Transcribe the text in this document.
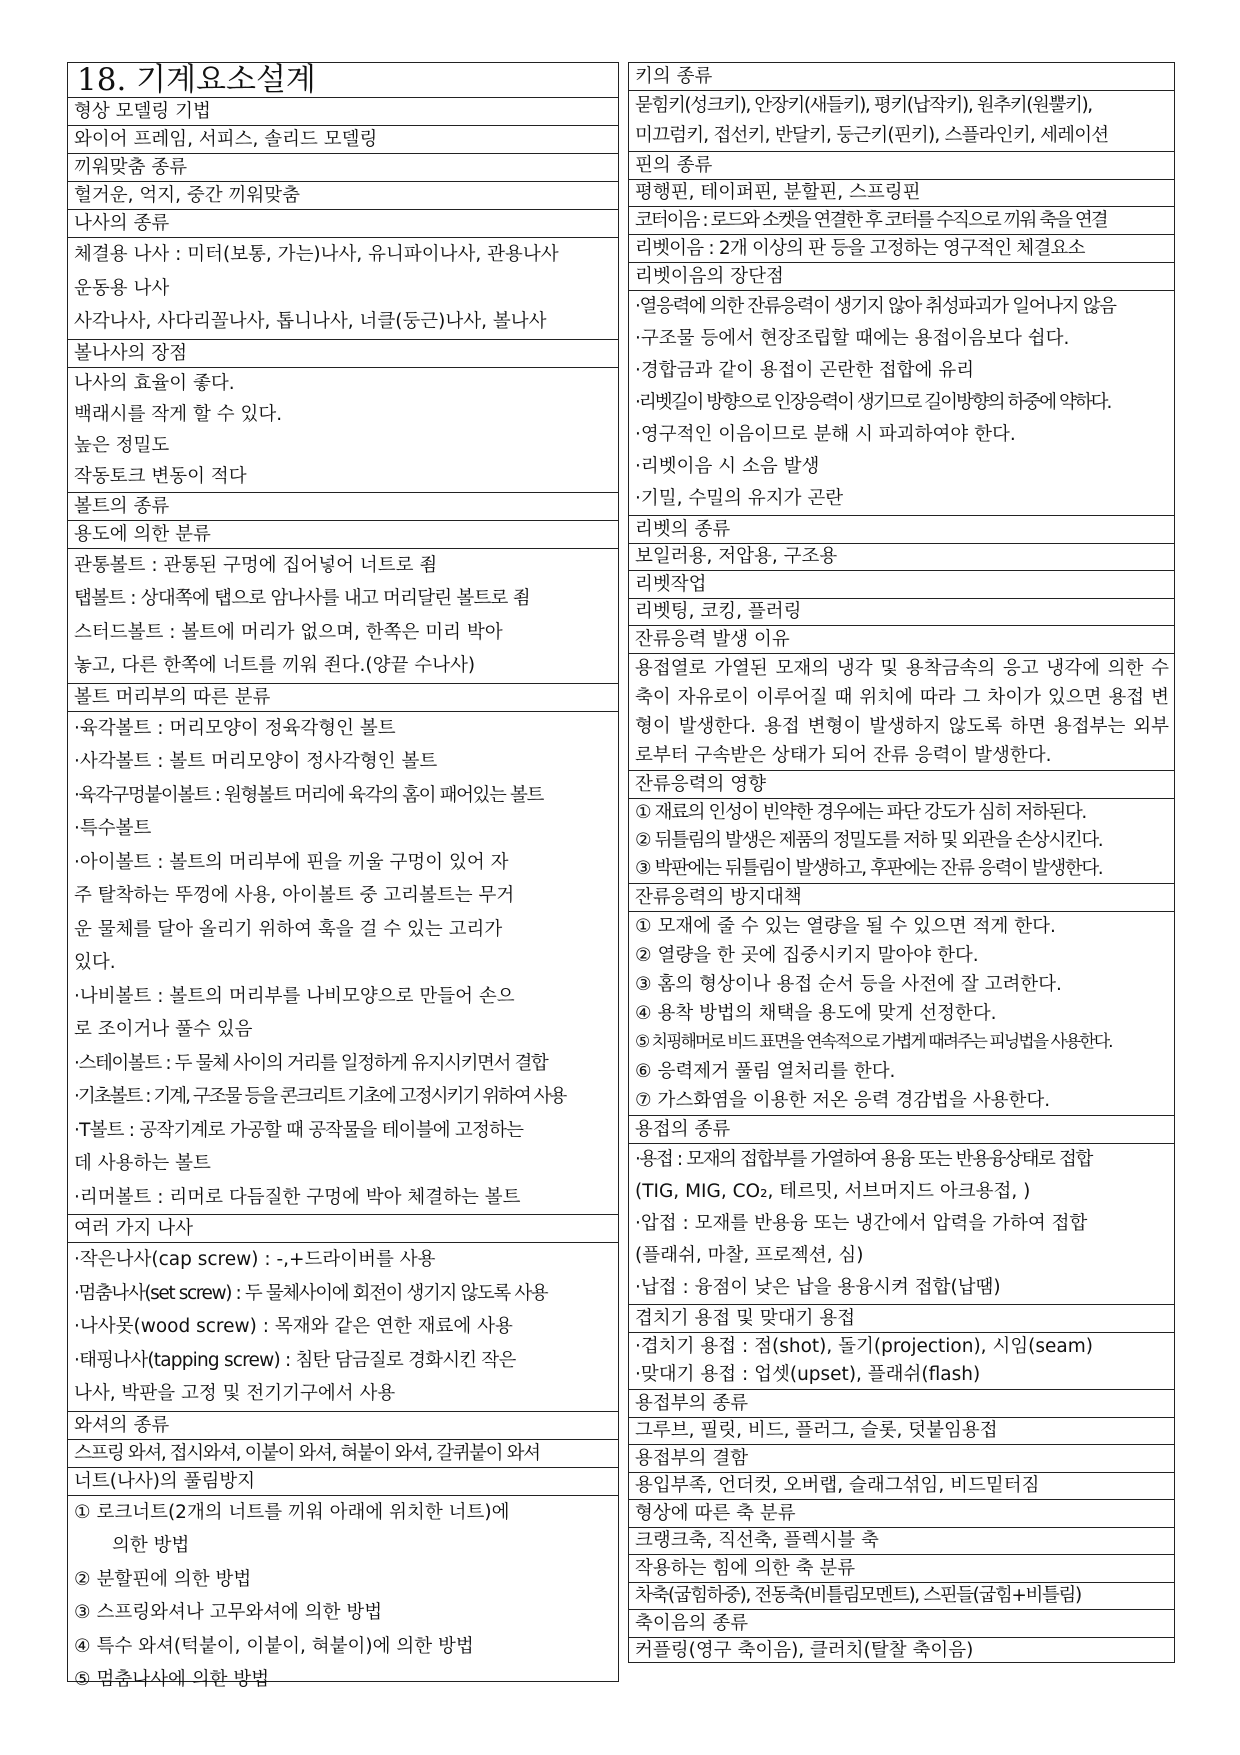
18. 기계요소설계
형상 모델링 기법
와이어 프레임, 서피스, 솔리드 모델링
끼워맞춤 종류
헐거운, 억지, 중간 끼워맞춤
나사의 종류
체결용 나사 : 미터(보통, 가는)나사, 유니파이나사, 관용나사
운동용 나사
사각나사, 사다리꼴나사, 톱니나사, 너클(둥근)나사, 볼나사
볼나사의 장점
나사의 효율이 좋다.
백래시를 작게 할 수 있다.
높은 정밀도
작동토크 변동이 적다
볼트의 종류
용도에 의한 분류
관통볼트 : 관통된 구멍에 집어넣어 너트로 죔
탭볼트 : 상대쪽에 탭으로 암나사를 내고 머리달린 볼트로 죔
스터드볼트 : 볼트에 머리가 없으며, 한쪽은 미리 박아
놓고, 다른 한쪽에 너트를 끼워 죈다.(양끝 수나사)
볼트 머리부의 따른 분류
·육각볼트 : 머리모양이 정육각형인 볼트
·사각볼트 : 볼트 머리모양이 정사각형인 볼트
·육각구멍붙이볼트 : 원형볼트 머리에 육각의 홈이 패어있는 볼트
·특수볼트
·아이볼트 : 볼트의 머리부에 핀을 끼울 구멍이 있어 자
주 탈착하는 뚜껑에 사용, 아이볼트 중 고리볼트는 무거
운 물체를 달아 올리기 위하여 훅을 걸 수 있는 고리가
있다.
·나비볼트 : 볼트의 머리부를 나비모양으로 만들어 손으
로 조이거나 풀수 있음
·스테이볼트 : 두 물체 사이의 거리를 일정하게 유지시키면서 결합
·기초볼트 : 기계, 구조물 등을 콘크리트 기초에 고정시키기 위하여 사용
·T볼트 : 공작기계로 가공할 때 공작물을 테이블에 고정하는
데 사용하는 볼트
·리머볼트 : 리머로 다듬질한 구멍에 박아 체결하는 볼트
여러 가지 나사
·작은나사(cap screw) : -,+드라이버를 사용
·멈춤나사(set screw) : 두 물체사이에 회전이 생기지 않도록 사용
·나사못(wood screw) : 목재와 같은 연한 재료에 사용
·태핑나사(tapping screw) : 침탄 담금질로 경화시킨 작은
나사, 박판을 고정 및 전기기구에서 사용
와셔의 종류
스프링 와셔, 접시와셔, 이붙이 와셔, 혀붙이 와셔, 갈퀴붙이 와셔
너트(나사)의 풀림방지
① 로크너트(2개의 너트를 끼워 아래에 위치한 너트)에
의한 방법
② 분할핀에 의한 방법
③ 스프링와셔나 고무와셔에 의한 방법
④ 특수 와셔(턱붙이, 이붙이, 혀붙이)에 의한 방법
⑤ 멈춤나사에 의한 방법
키의 종류
묻힘키(성크키), 안장키(새들키), 평키(납작키), 원추키(원뿔키),
미끄럼키, 접선키, 반달키, 둥근키(핀키), 스플라인키, 세레이션
핀의 종류
평행핀, 테이퍼핀, 분할핀, 스프링핀
코터이음 : 로드와 소켓을 연결한 후 코터를 수직으로 끼워 축을 연결
리벳이음 : 2개 이상의 판 등을 고정하는 영구적인 체결요소
리벳이음의 장단점
·열응력에 의한 잔류응력이 생기지 않아 취성파괴가 일어나지 않음
·구조물 등에서 현장조립할 때에는 용접이음보다 쉽다.
·경합금과 같이 용접이 곤란한 접합에 유리
·리벳길이 방향으로 인장응력이 생기므로 길이방향의 하중에 약하다.
·영구적인 이음이므로 분해 시 파괴하여야 한다.
·리벳이음 시 소음 발생
·기밀, 수밀의 유지가 곤란
리벳의 종류
보일러용, 저압용, 구조용
리벳작업
리벳팅, 코킹, 플러링
잔류응력 발생 이유
용접열로 가열된 모재의 냉각 및 용착금속의 응고 냉각에 의한 수축이 자유로이 이루어질 때 위치에 따라 그 차이가 있으면 용접 변형이 발생한다. 용접 변형이 발생하지 않도록 하면 용접부는 외부로부터 구속받은 상태가 되어 잔류 응력이 발생한다.
잔류응력의 영향
① 재료의 인성이 빈약한 경우에는 파단 강도가 심히 저하된다.
② 뒤틀림의 발생은 제품의 정밀도를 저하 및 외관을 손상시킨다.
③ 박판에는 뒤틀림이 발생하고, 후판에는 잔류 응력이 발생한다.
잔류응력의 방지대책
① 모재에 줄 수 있는 열량을 될 수 있으면 적게 한다.
② 열량을 한 곳에 집중시키지 말아야 한다.
③ 홈의 형상이나 용접 순서 등을 사전에 잘 고려한다.
④ 용착 방법의 채택을 용도에 맞게 선정한다.
⑤ 치핑해머로 비드 표면을 연속적으로 가볍게 때려주는 피닝법을 사용한다.
⑥ 응력제거 풀림 열처리를 한다.
⑦ 가스화염을 이용한 저온 응력 경감법을 사용한다.
용접의 종류
·용접 : 모재의 접합부를 가열하여 용융 또는 반용융상태로 접합
(TIG, MIG, CO₂, 테르밋, 서브머지드 아크용접, )
·압접 : 모재를 반용융 또는 냉간에서 압력을 가하여 접합
(플래쉬, 마찰, 프로젝션, 심)
·납접 : 융점이 낮은 납을 용융시켜 접합(납땜)
겹치기 용접 및 맞대기 용접
·겹치기 용접 : 점(shot), 돌기(projection), 시임(seam)
·맞대기 용접 : 업셋(upset), 플래쉬(flash)
용접부의 종류
그루브, 필릿, 비드, 플러그, 슬롯, 덧붙임용접
용접부의 결함
용입부족, 언더컷, 오버랩, 슬래그섞임, 비드밑터짐
형상에 따른 축 분류
크랭크축, 직선축, 플렉시블 축
작용하는 힘에 의한 축 분류
차축(굽힘하중), 전동축(비틀림모멘트), 스핀들(굽힘+비틀림)
축이음의 종류
커플링(영구 축이음), 클러치(탈찰 축이음)
